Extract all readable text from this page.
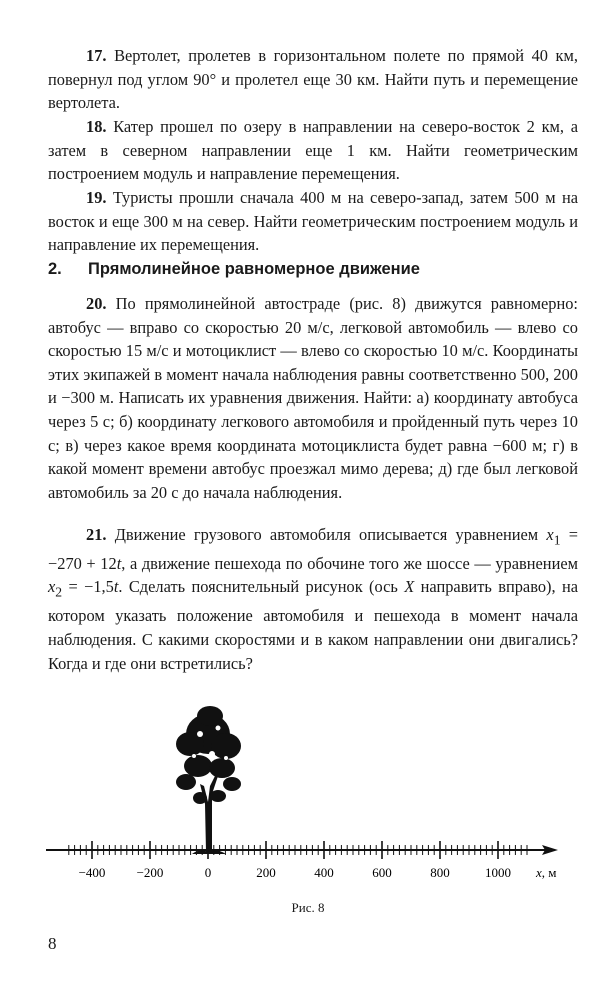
17. Вертолет, пролетев в горизонтальном полете по прямой 40 км, повернул под углом 90° и пролетел еще 30 км. Найти путь и перемещение вертолета.

18. Катер прошел по озеру в направлении на северо-восток 2 км, а затем в северном направлении еще 1 км. Найти геометрическим построением модуль и направление перемещения.

19. Туристы прошли сначала 400 м на северо-запад, затем 500 м на восток и еще 300 м на север. Найти геометрическим построением модуль и направление их перемещения.

2. Прямолинейное равномерное движение

20. По прямолинейной автостраде (рис. 8) движутся равномерно: автобус — вправо со скоростью 20 м/с, легковой автомобиль — влево со скоростью 15 м/с и мотоциклист — влево со скоростью 10 м/с. Координаты этих экипажей в момент начала наблюдения равны соответственно 500, 200 и −300 м. Написать их уравнения движения. Найти: а) координату автобуса через 5 с; б) координату легкового автомобиля и пройденный путь через 10 с; в) через какое время координата мотоциклиста будет равна −600 м; г) в какой момент времени автобус проезжал мимо дерева; д) где был легковой автомобиль за 20 с до начала наблюдения.

21. Движение грузового автомобиля описывается уравнением $x_1 = -270 + 12t$, а движение пешехода по обочине того же шоссе — уравнением $x_2 = -1,5t$. Сделать пояснительный рисунок (ось X направить вправо), на котором указать положение автомобиля и пешехода в момент начала наблюдения. С какими скоростями и в каком направлении они двигались? Когда и где они встретились?

−400 −200	0	200	400	600	800	1000 x, м
Рис. 8
8
